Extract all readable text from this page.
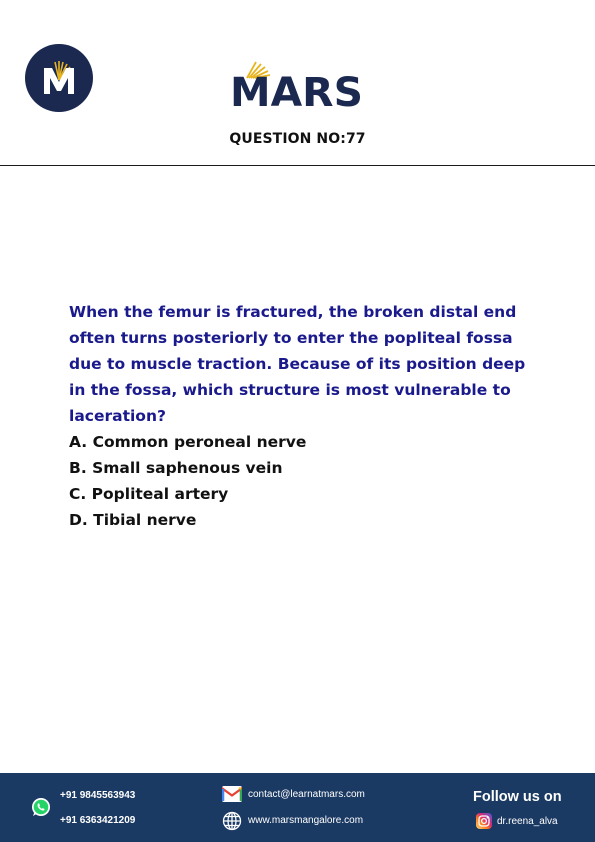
MARS
QUESTION NO:77

When the femur is fractured, the broken distal end often turns posteriorly to enter the popliteal fossa due to muscle traction. Because of its position deep in the fossa, which structure is most vulnerable to laceration?

A. Common peroneal nerve
B. Small saphenous vein
C. Popliteal artery
D. Tibial nerve
+91 9845563943
+91 6363421209
contact@learnatmars.com
www.marsmangalore.com
Follow us on
dr.reena_alva
